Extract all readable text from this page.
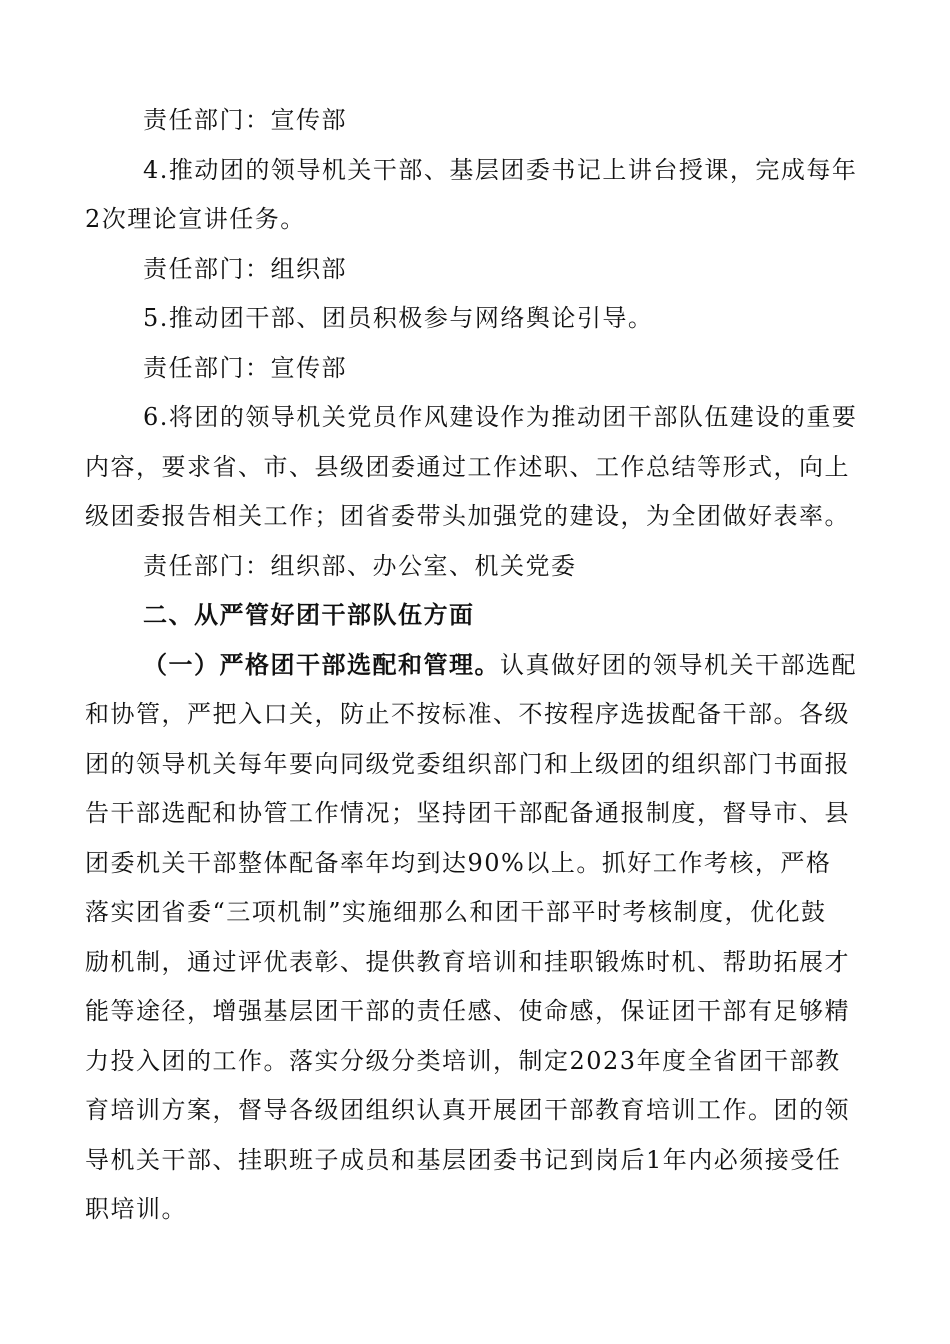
责任部门：宣传部
4.推动团的领导机关干部、基层团委书记上讲台授课，完成每年
2次理论宣讲任务。
责任部门：组织部
5.推动团干部、团员积极参与网络舆论引导。
责任部门：宣传部
6.将团的领导机关党员作风建设作为推动团干部队伍建设的重要
内容，要求省、市、县级团委通过工作述职、工作总结等形式，向上
级团委报告相关工作；团省委带头加强党的建设，为全团做好表率。
责任部门：组织部、办公室、机关党委
二、从严管好团干部队伍方面
（一）严格团干部选配和管理。认真做好团的领导机关干部选配
和协管，严把入口关，防止不按标准、不按程序选拔配备干部。各级
团的领导机关每年要向同级党委组织部门和上级团的组织部门书面报
告干部选配和协管工作情况；坚持团干部配备通报制度，督导市、县
团委机关干部整体配备率年均到达90%以上。抓好工作考核，严格
落实团省委“三项机制”实施细那么和团干部平时考核制度，优化鼓
励机制，通过评优表彰、提供教育培训和挂职锻炼时机、帮助拓展才
能等途径，增强基层团干部的责任感、使命感，保证团干部有足够精
力投入团的工作。落实分级分类培训，制定2023年度全省团干部教
育培训方案，督导各级团组织认真开展团干部教育培训工作。团的领
导机关干部、挂职班子成员和基层团委书记到岗后1年内必须接受任
职培训。
